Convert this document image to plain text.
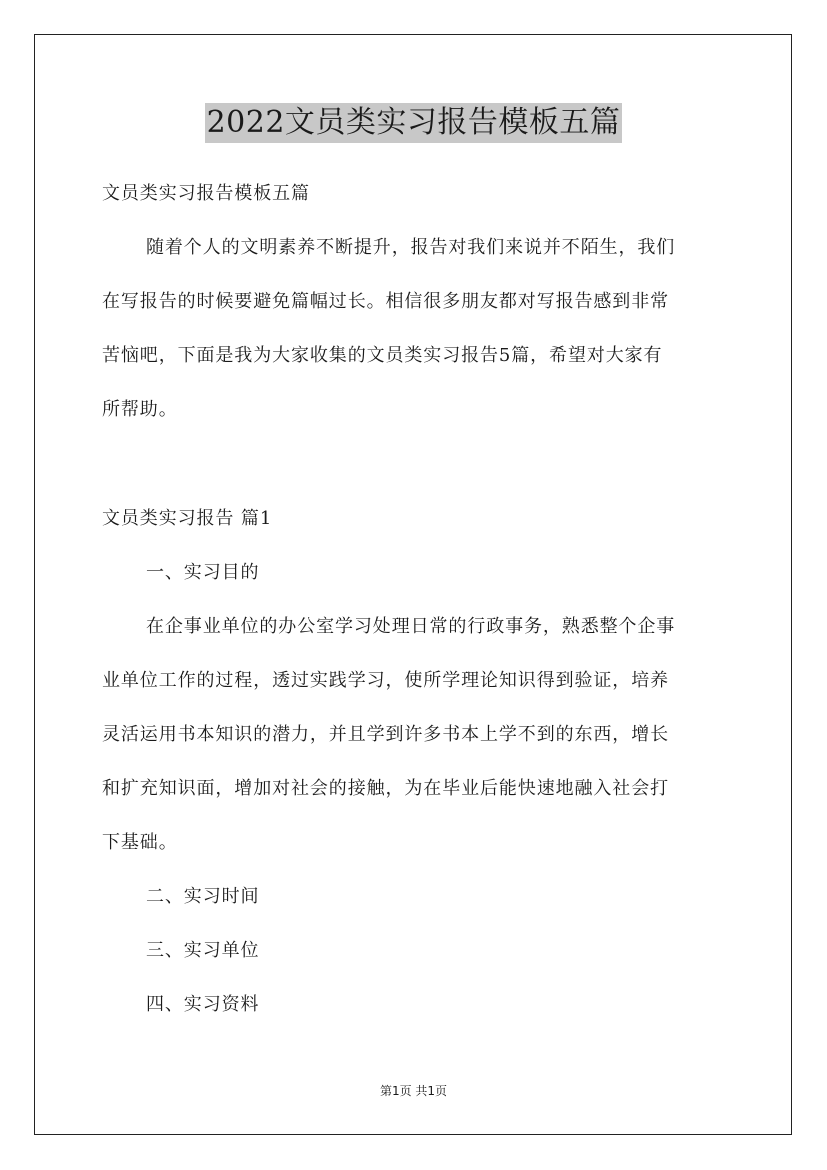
2022文员类实习报告模板五篇
文员类实习报告模板五篇
随着个人的文明素养不断提升，报告对我们来说并不陌生，我们
在写报告的时候要避免篇幅过长。相信很多朋友都对写报告感到非常
苦恼吧，下面是我为大家收集的文员类实习报告5篇，希望对大家有
所帮助。
文员类实习报告 篇1
一、实习目的
在企事业单位的办公室学习处理日常的行政事务，熟悉整个企事
业单位工作的过程，透过实践学习，使所学理论知识得到验证，培养
灵活运用书本知识的潜力，并且学到许多书本上学不到的东西，增长
和扩充知识面，增加对社会的接触，为在毕业后能快速地融入社会打
下基础。
二、实习时间
三、实习单位
四、实习资料
第1页 共1页
